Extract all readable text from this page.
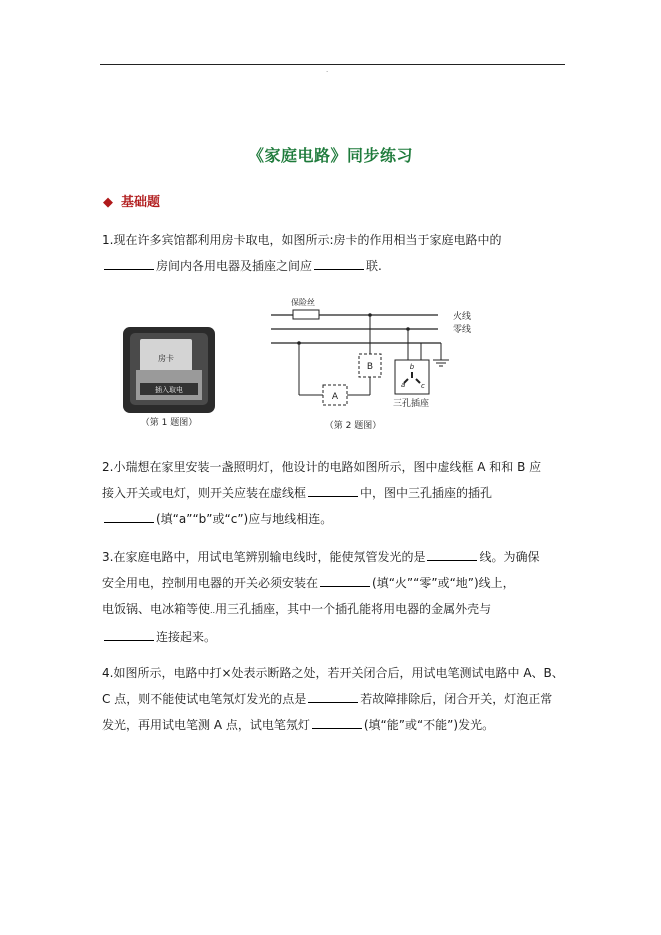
.
《家庭电路》同步练习
◆ 基础题
1.现在许多宾馆都利用房卡取电，如图所示:房卡的作用相当于家庭电路中的
房间内各用电器及插座之间应	联.
房卡
插入取电
（第 1 题图）
火线
零线
保险丝
A
B	b
a c
三孔插座
（第 2 题图）
2.小瑞想在家里安装一盏照明灯，他设计的电路如图所示，图中虚线框 A 和和 B 应
接入开关或电灯，则开关应装在虚线框	中，图中三孔插座的插孔
(填“a”“b”或“c”)应与地线相连。
3.在家庭电路中，用试电笔辨别输电线时，能使氖管发光的是	线。为确保
安全用电，控制用电器的开关必须安装在	(填“火”“零”或“地”)线上，
电饭锅、电冰箱等使..用三孔插座，其中一个插孔能将用电器的金属外壳与
连接起来。
4.如图所示，电路中打×处表示断路之处，若开关闭合后，用试电笔测试电路中 A、B、
C 点，则不能使试电笔氖灯发光的点是	若故障排除后，闭合开关，灯泡正常
发光，再用试电笔测 A 点，试电笔氖灯	(填“能”或“不能”)发光。
